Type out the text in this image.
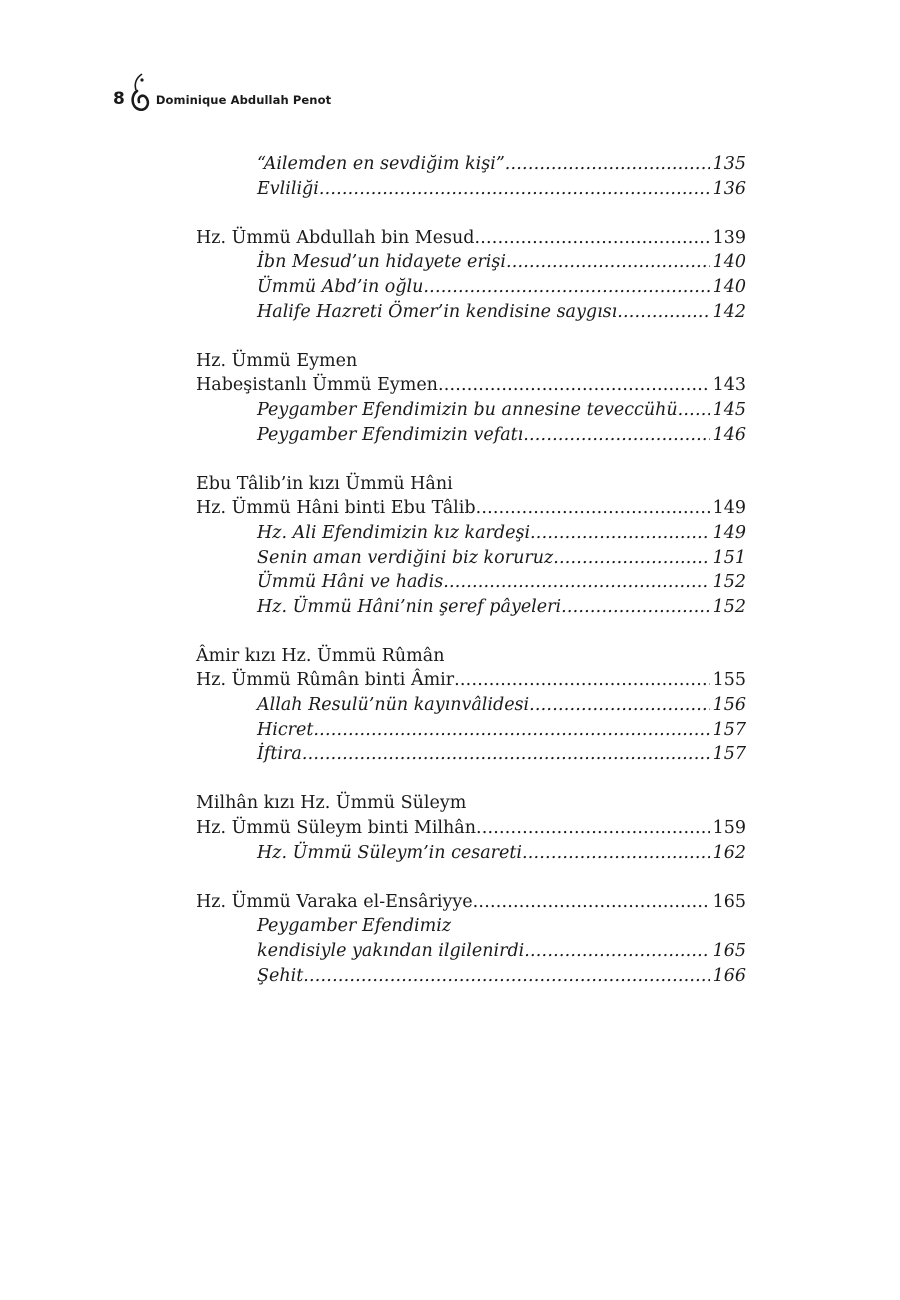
8	Dominique Abdullah Penot
“Ailemden en sevdiğim kişi” .....	135
Evliliği .....	136
Hz. Ümmü Abdullah bin Mesud .....	139
İbn Mesud’un hidayete erişi .....	140
Ümmü Abd’in oğlu .....	140
Halife Hazreti Ömer’in kendisine saygısı .....	142
Hz. Ümmü Eymen
Habeşistanlı Ümmü Eymen .....	143
Peygamber Efendimizin bu annesine teveccühü ..... 145
Peygamber Efendimizin vefatı .....	146
Ebu Tâlib’in kızı Ümmü Hâni
Hz. Ümmü Hâni binti Ebu Tâlib .....	149
Hz. Ali Efendimizin kız kardeşi .....	149
Senin aman verdiğini biz koruruz .....	151
Ümmü Hâni ve hadis .....	152
Hz. Ümmü Hâni’nin şeref pâyeleri .....	152
Âmir kızı Hz. Ümmü Rûmân
Hz. Ümmü Rûmân binti Âmir .....	155
Allah Resulü’nün kayınvâlidesi .....	156
Hicret .....	157
İftira .....	157
Milhân kızı Hz. Ümmü Süleym
Hz. Ümmü Süleym binti Milhân .....	159
Hz. Ümmü Süleym’in cesareti .....	162
Hz. Ümmü Varaka el-Ensâriyye .....	165
Peygamber Efendimiz
kendisiyle yakından ilgilenirdi .....	165
Şehit .....	166
